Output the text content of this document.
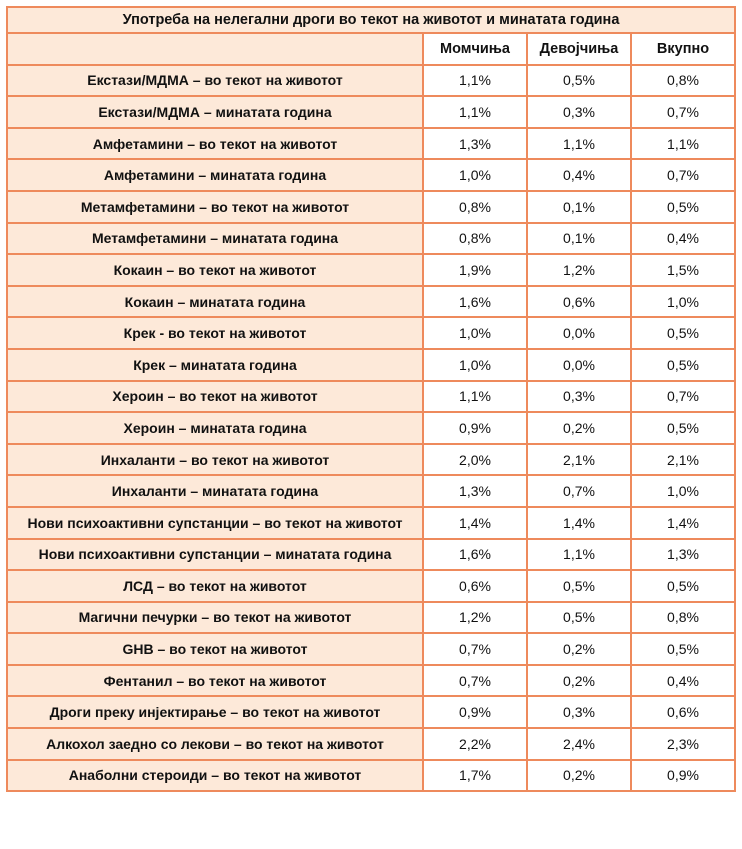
Употреба на нелегални дроги во текот на животот и минатата година			
	Момчиња	Девојчиња	Вкупно
Екстази/МДМА – во текот на животот	1,1%	0,5%	0,8%
Екстази/МДМА – минатата година	1,1%	0,3%	0,7%
Амфетамини – во текот на животот	1,3%	1,1%	1,1%
Амфетамини – минатата година	1,0%	0,4%	0,7%
Метамфетамини – во текот на животот	0,8%	0,1%	0,5%
Метамфетамини – минатата година	0,8%	0,1%	0,4%
Кокаин – во текот на животот	1,9%	1,2%	1,5%
Кокаин – минатата година	1,6%	0,6%	1,0%
Крек - во текот на животот	1,0%	0,0%	0,5%
Крек – минатата година	1,0%	0,0%	0,5%
Хероин – во текот на животот	1,1%	0,3%	0,7%
Хероин – минатата година	0,9%	0,2%	0,5%
Инхаланти – во текот на животот	2,0%	2,1%	2,1%
Инхаланти – минатата година	1,3%	0,7%	1,0%
Нови психоактивни супстанции – во текот на животот	1,4%	1,4%	1,4%
Нови психоактивни супстанции – минатата година	1,6%	1,1%	1,3%
ЛСД – во текот на животот	0,6%	0,5%	0,5%
Магични печурки – во текот на животот	1,2%	0,5%	0,8%
GHB – во текот на животот	0,7%	0,2%	0,5%
Фентанил – во текот на животот	0,7%	0,2%	0,4%
Дроги преку инјектирање – во текот на животот	0,9%	0,3%	0,6%
Алкохол заедно со лекови – во текот на животот	2,2%	2,4%	2,3%
Анаболни стероиди – во текот на животот	1,7%	0,2%	0,9%
